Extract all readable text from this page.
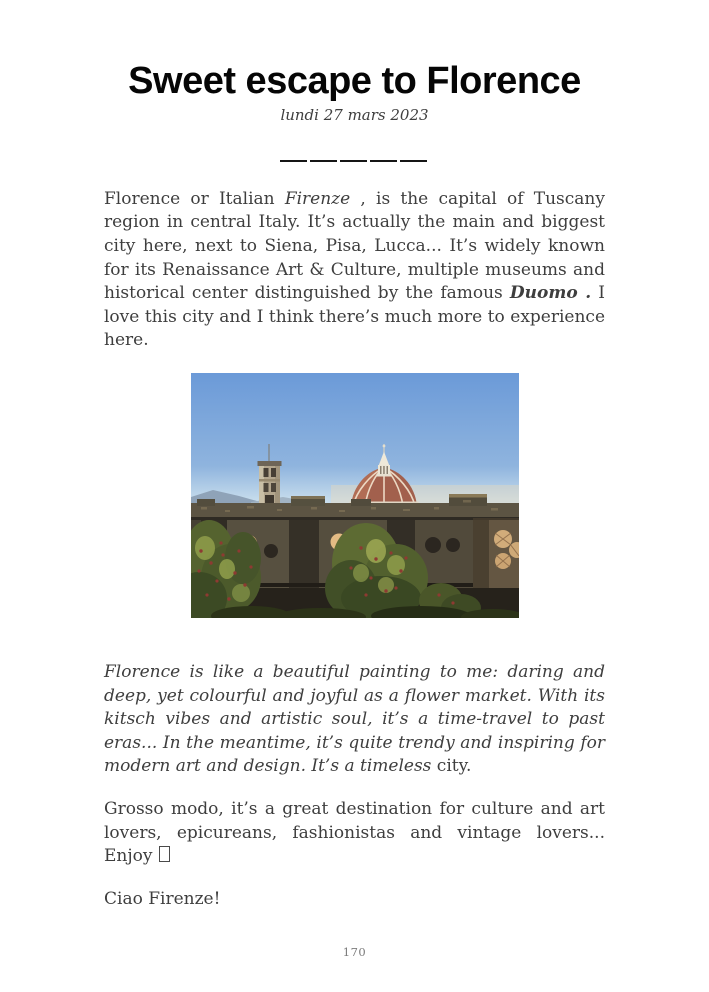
Sweet escape to Florence
lundi 27 mars 2023

Florence or Italian Firenze , is the capital of Tuscany region in central Italy. It’s actually the main and biggest city here, next to Siena, Pisa, Lucca... It’s widely known for its Renaissance Art & Culture, multiple museums and historical center distinguished by the famous Duomo . I love this city and I think there’s much more to experience here.

Florence is like a beautiful painting to me: daring and deep, yet colourful and joyful as a flower market. With its kitsch vibes and artistic soul, it’s a time-travel to past eras... In the meantime, it’s quite trendy and inspiring for modern art and design. It’s a timeless city.

Grosso modo, it’s a great destination for culture and art lovers, epicureans, fashionistas and vintage lovers... Enjoy

Ciao Firenze!

170
